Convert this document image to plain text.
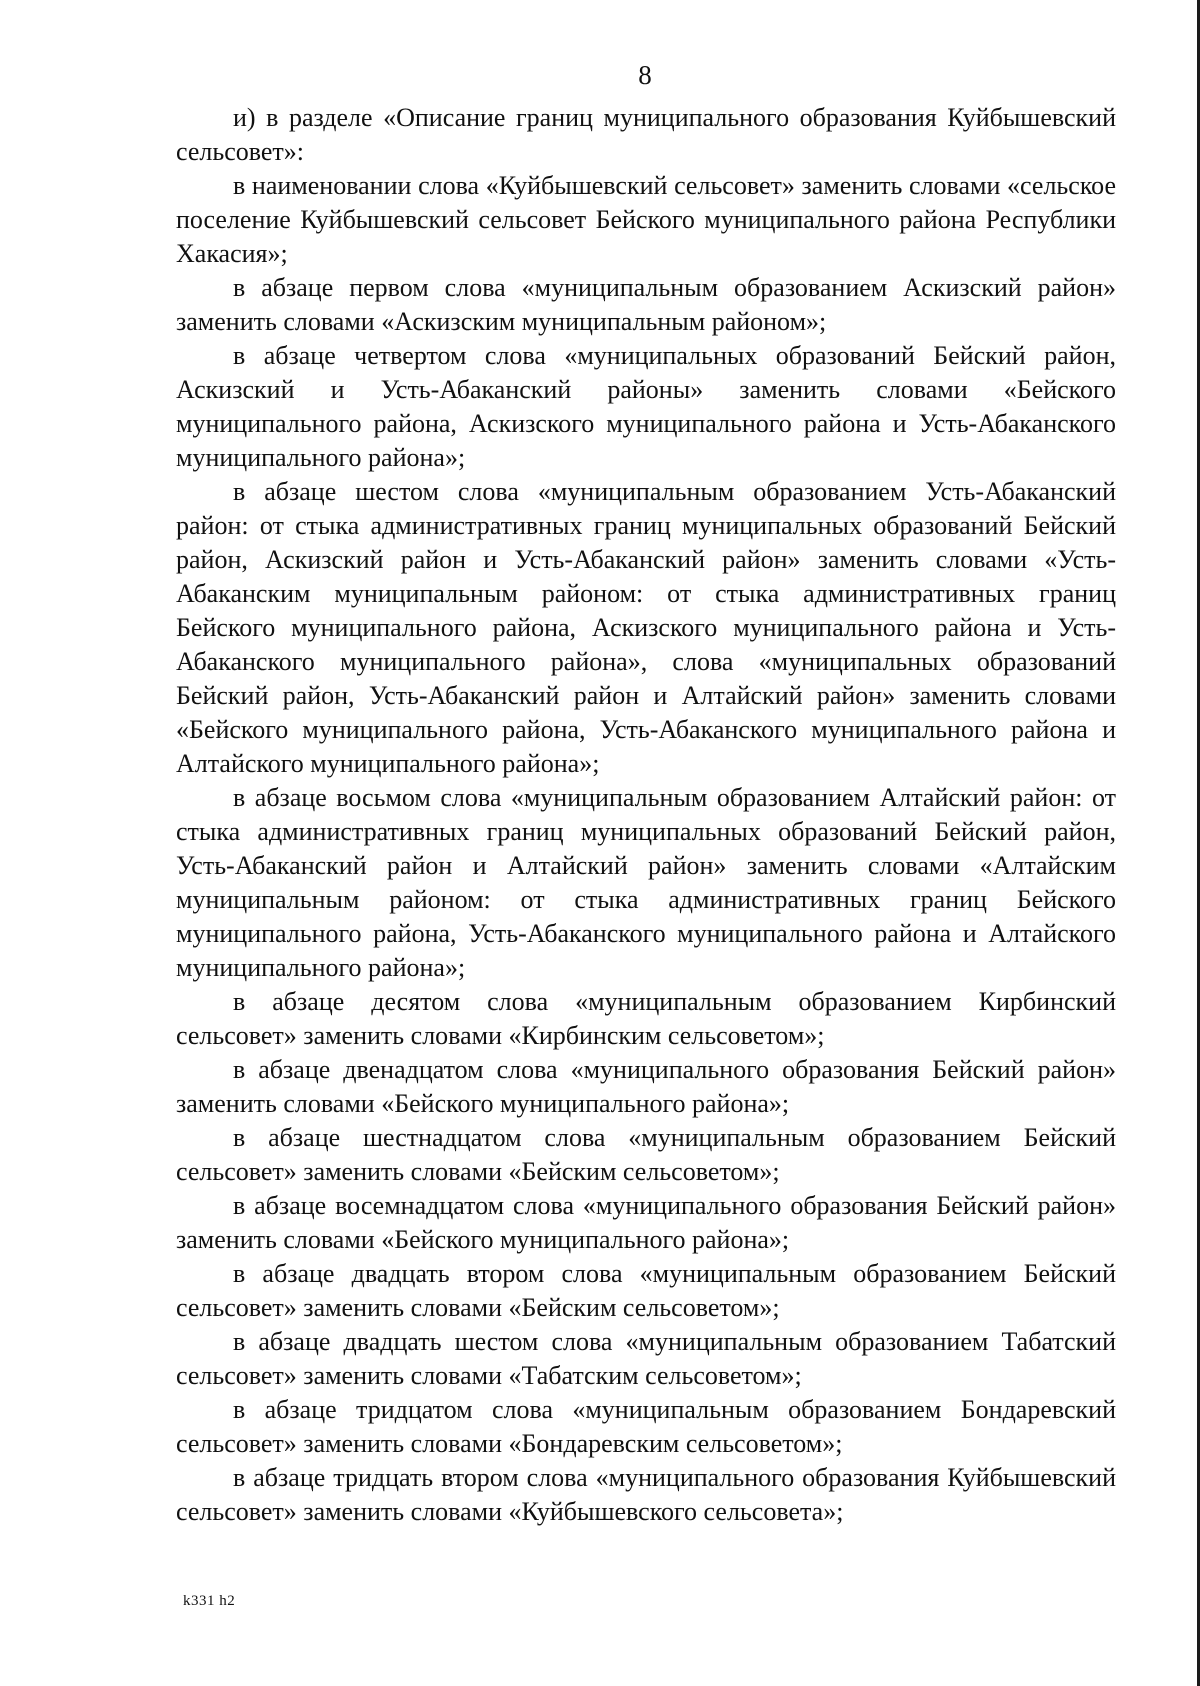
8

и) в разделе «Описание границ муниципального образования Куйбышевский сельсовет»:

в наименовании слова «Куйбышевский сельсовет» заменить словами «сельское поселение Куйбышевский сельсовет Бейского муниципального района Республики Хакасия»;

в абзаце первом слова «муниципальным образованием Аскизский район» заменить словами «Аскизским муниципальным районом»;

в абзаце четвертом слова «муниципальных образований Бейский район, Аскизский и Усть-Абаканский районы» заменить словами «Бейского муниципального района, Аскизского муниципального района и Усть-Абаканского муниципального района»;

в абзаце шестом слова «муниципальным образованием Усть-Абаканский район: от стыка административных границ муниципальных образований Бейский район, Аскизский район и Усть-Абаканский район» заменить словами «Усть-Абаканским муниципальным районом: от стыка административных границ Бейского муниципального района, Аскизского муниципального района и Усть-Абаканского муниципального района», слова «муниципальных образований Бейский район, Усть-Абаканский район и Алтайский район» заменить словами «Бейского муниципального района, Усть-Абаканского муниципального района и Алтайского муниципального района»;

в абзаце восьмом слова «муниципальным образованием Алтайский район: от стыка административных границ муниципальных образований Бейский район, Усть-Абаканский район и Алтайский район» заменить словами «Алтайским муниципальным районом: от стыка административных границ Бейского муниципального района, Усть-Абаканского муниципального района и Алтайского муниципального района»;

в абзаце десятом слова «муниципальным образованием Кирбинский сельсовет» заменить словами «Кирбинским сельсоветом»;

в абзаце двенадцатом слова «муниципального образования Бейский район» заменить словами «Бейского муниципального района»;

в абзаце шестнадцатом слова «муниципальным образованием Бейский сельсовет» заменить словами «Бейским сельсоветом»;

в абзаце восемнадцатом слова «муниципального образования Бейский район» заменить словами «Бейского муниципального района»;

в абзаце двадцать втором слова «муниципальным образованием Бейский сельсовет» заменить словами «Бейским сельсоветом»;

в абзаце двадцать шестом слова «муниципальным образованием Табатский сельсовет» заменить словами «Табатским сельсоветом»;

в абзаце тридцатом слова «муниципальным образованием Бондаревский сельсовет» заменить словами «Бондаревским сельсоветом»;

в абзаце тридцать втором слова «муниципального образования Куйбышевский сельсовет» заменить словами «Куйбышевского сельсовета»;

k331 h2
